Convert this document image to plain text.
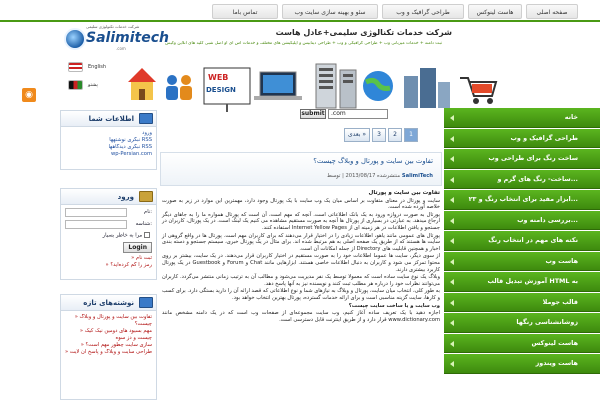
صفحه اصلی
هاست لینوکس
طراحی گرافیک و وب
سئو و بهینه سازی سایت وب
تماس باما
شرکت خدمات تکنولوژی سلیمی
Salimitech
.com
شرکت خدمات تکنالوژی سلیمی+عادل هاست
ثبت دامنه + خدمات میزبانی وب + طراحی گرافیکی و وب + طراحی دیتابیس و اپلیکیشن های مختلف و خدمات اس ای او اصل شبی کلیه های انلاین وکیس
English
پشتو
WEB
DESIGN
◉
اطلاعات شما
ورود
نبگری نوشتهها RSS
نبگری دیدگاهها RSS
wp-Persian.com
ورود
نام:
شناسه:
مرا به خاطر بسپار
Login
» ثبت نام
» رمز را گم کرده‌اید؟
نوشته‌های تازه
» تفاوت بین سایت و پورتال و وبلاگ چیست؟
» مهم بسیود های دومین نیک کیک چیست و دز سوه
» سازی سایت چطور مهم است؟
» طراحی سایت و وبلاگ و پاسخ آن لایت
submit	.com
بعدی »	3	2	1
تفاوت بین سایت و پورتال و وبلاگ چیست؟
منتشرشده 2013/08/17 | توسط SalimiTech
تفاوت بین سایت و پورتال

سایت و پورتال در معنای متفاوت بر اساس میان یک وب سایت با یک پورتال وجود دارد، مهمترین این موارد در زیر به صورت خلاصه آورده شده است.

پورتال به صورت دروازه ورود به یک بانک اطلاعاتی است. آنچه که مهم است، آن است که پورتال همواره ما را به جاهای دیگر ارجاع میدهد. به عبارتی در بسیاری از پورتال ها آنچه به صورت مستقیم مشاهده می کنیم یک لینک است. در یک پورتال، کاربران در جستجو و یافتن اطلاعات در هر زمینه ای از Internet Yellow Pages استفاده کنند.

پورتال های عمومی مانند یاهو، اطلاعات زیادی را در اختیار قرار می‌دهند که برای کاربران مهم است. پورتال ها در واقع گروهی از سایت ها هستند که از طریق یک صفحه اصلی به هم مرتبط شده اند. برای مثال در یک پورتال خبری، سیستم جستجو و دسته بندی اخبار و همچنین قابلیت های Directory از جمله امکانات آن است.

از سوی دیگر، سایت ها عموما اطلاعات خود را به صورت مستقیم در اختیار کاربران قرار می‌دهند. در یک سایت، بیشتر بر روی محتوا تمرکز می شود و کاربران به دنبال اطلاعات خاصی هستند. ابزارهایی مانند Chat و Forum و Guestbook در یک پورتال کاربرد بیشتری دارند.

وبلاگ یک نوع سایت ساده است که معمولا توسط یک نفر مدیریت می‌شود و مطالب آن به ترتیب زمانی منتشر می‌گردد. کاربران می‌توانند نظرات خود را درباره هر مطلب ثبت کنند و نویسنده نیز به آنها پاسخ دهد.

به طور کلی، انتخاب میان سایت، پورتال و وبلاگ به نیازهای شما و نوع اطلاعاتی که قصد ارائه آن را دارید بستگی دارد. برای کسب و کارها، سایت گزینه مناسبی است و برای ارائه خدمات گسترده، پورتال بهترین انتخاب خواهد بود.

وب سایت و یا ساخت سایت چیست؟

اجازه دهید با یک تعریف ساده آغاز کنیم، وب سایت مجموعه‌ای از صفحات وب است که در یک دامنه مشخص مانند www.dictionary.com قرار دارد و از طریق اینترنت قابل دسترسی است.

خانه
طراحی گرافیک و وب
ساخت رنگ برای طراحی وب
ساخت- رنگ های گرم و...
۲۳ ابزار مفید برای انتخاب رنگ و...
بررسی دامنه وب...
نکته های مهم در انتخاب رنگ
هاست وب
آموزش تبدیل قالب HTML به
قالب جوملا
زوشانشناسی رنگها
هاست لینوکس
هاست ویندوز
